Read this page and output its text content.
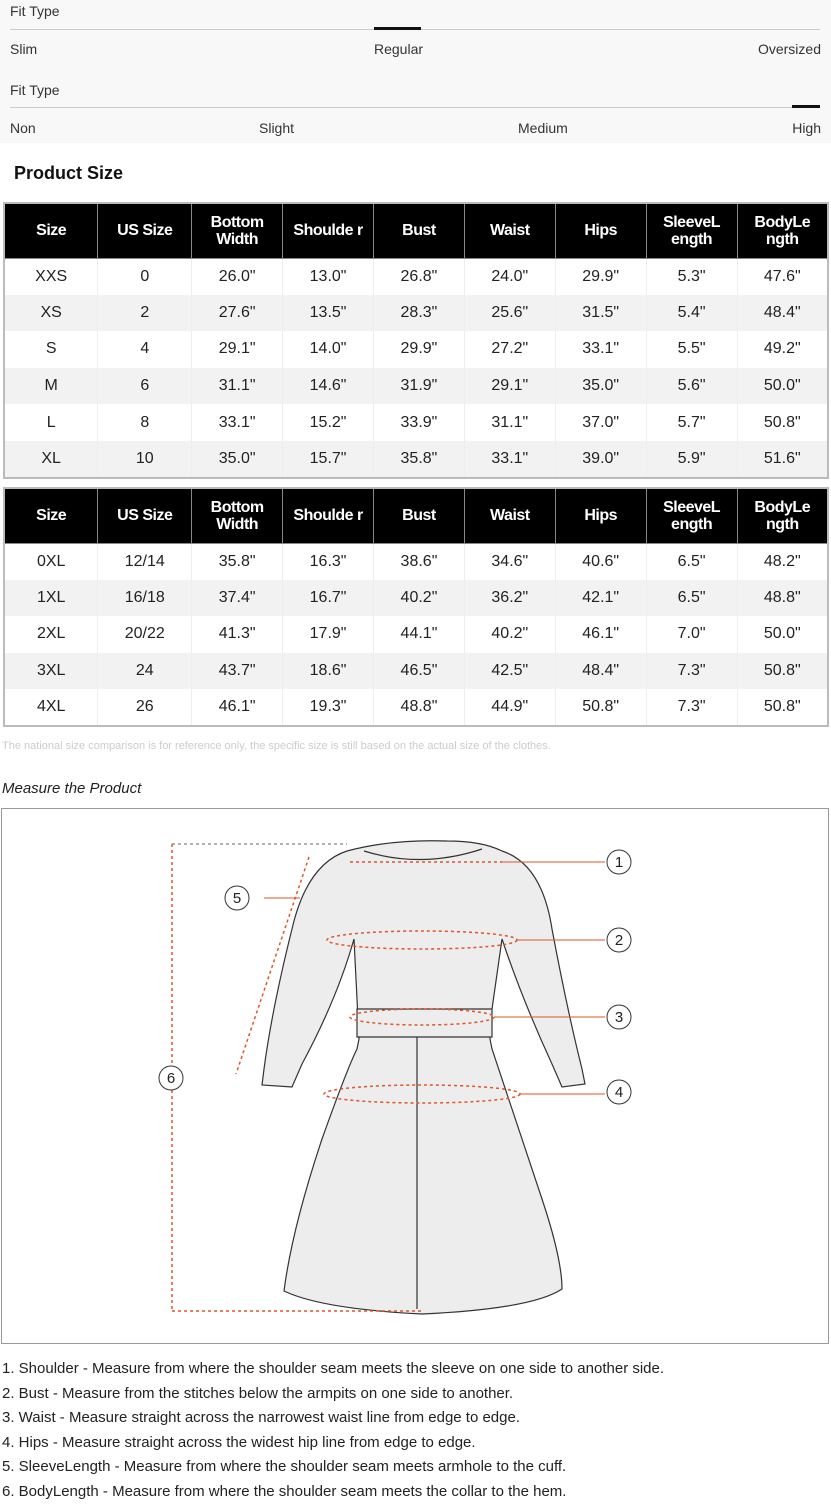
Fit Type
Slim	Regular	Oversized
Fit Type
Non	Slight	Medium	High
Product Size
Size	US Size	Bottom Width	Shoulde r	Bust	Waist	Hips	SleeveL ength	BodyLe ngth
XXS	0	26.0"	13.0"	26.8"	24.0"	29.9"	5.3"	47.6"
XS	2	27.6"	13.5"	28.3"	25.6"	31.5"	5.4"	48.4"
S	4	29.1"	14.0"	29.9"	27.2"	33.1"	5.5"	49.2"
M	6	31.1"	14.6"	31.9"	29.1"	35.0"	5.6"	50.0"
L	8	33.1"	15.2"	33.9"	31.1"	37.0"	5.7"	50.8"
XL	10	35.0"	15.7"	35.8"	33.1"	39.0"	5.9"	51.6"
Size	US Size	Bottom Width	Shoulde r	Bust	Waist	Hips	SleeveL ength	BodyLe ngth
0XL	12/14	35.8"	16.3"	38.6"	34.6"	40.6"	6.5"	48.2"
1XL	16/18	37.4"	16.7"	40.2"	36.2"	42.1"	6.5"	48.8"
2XL	20/22	41.3"	17.9"	44.1"	40.2"	46.1"	7.0"	50.0"
3XL	24	43.7"	18.6"	46.5"	42.5"	48.4"	7.3"	50.8"
4XL	26	46.1"	19.3"	48.8"	44.9"	50.8"	7.3"	50.8"
The national size comparison is for reference only, the specific size is still based on the actual size of the clothes.
Measure the Product
1
2
3
4
5
6
1. Shoulder - Measure from where the shoulder seam meets the sleeve on one side to another side.
2. Bust - Measure from the stitches below the armpits on one side to another.
3. Waist - Measure straight across the narrowest waist line from edge to edge.
4. Hips - Measure straight across the widest hip line from edge to edge.
5. SleeveLength - Measure from where the shoulder seam meets armhole to the cuff.
6. BodyLength - Measure from where the shoulder seam meets the collar to the hem.
